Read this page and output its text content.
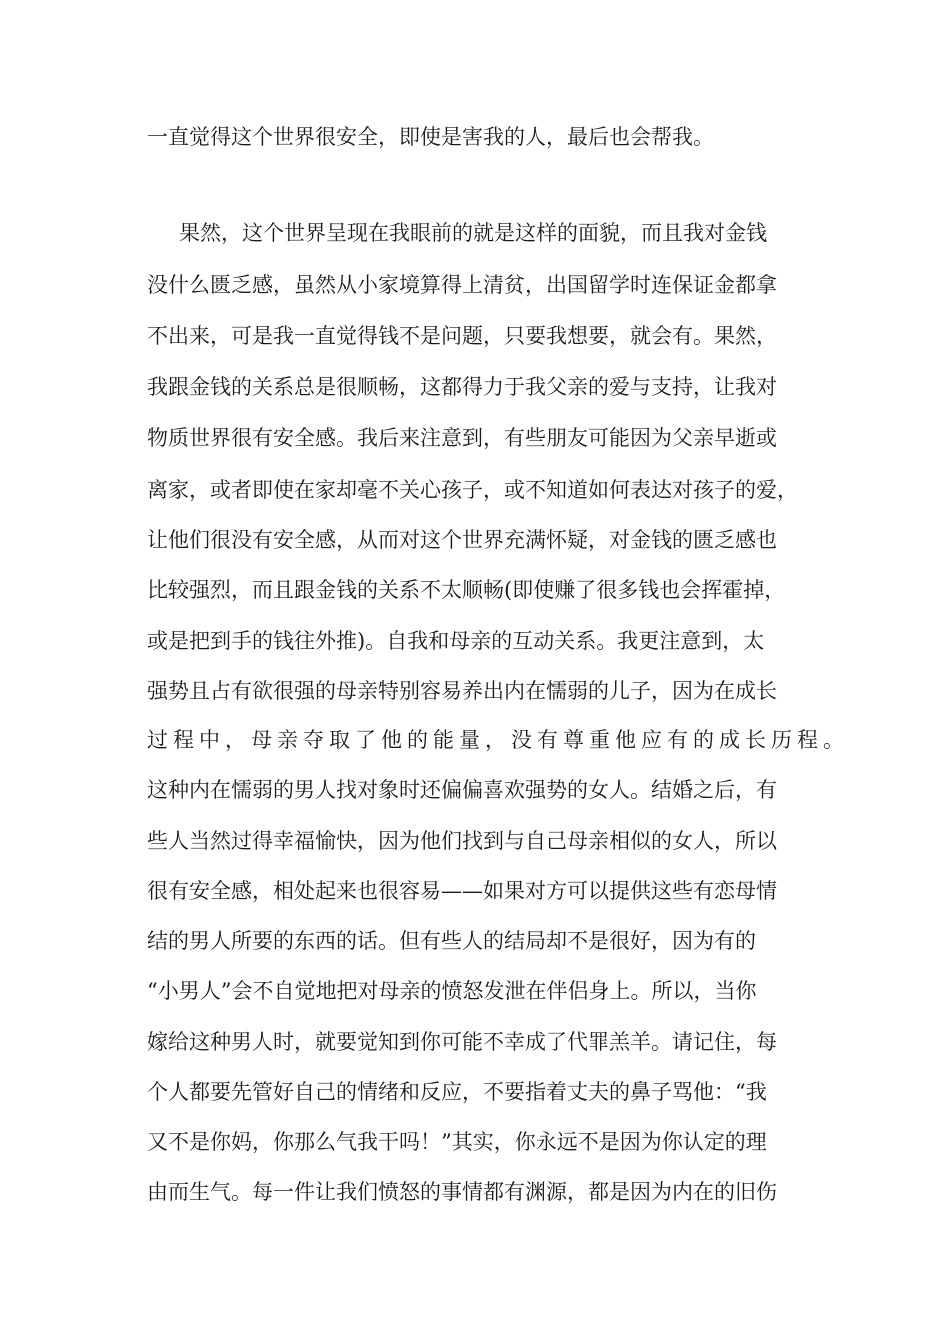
一直觉得这个世界很安全，即使是害我的人，最后也会帮我。

果然，这个世界呈现在我眼前的就是这样的面貌，而且我对金钱

没什么匮乏感，虽然从小家境算得上清贫，出国留学时连保证金都拿

不出来，可是我一直觉得钱不是问题，只要我想要，就会有。果然，

我跟金钱的关系总是很顺畅，这都得力于我父亲的爱与支持，让我对

物质世界很有安全感。我后来注意到，有些朋友可能因为父亲早逝或

离家，或者即使在家却毫不关心孩子，或不知道如何表达对孩子的爱，

让他们很没有安全感，从而对这个世界充满怀疑，对金钱的匮乏感也

比较强烈，而且跟金钱的关系不太顺畅(即使赚了很多钱也会挥霍掉，

或是把到手的钱往外推)。自我和母亲的互动关系。我更注意到，太

强势且占有欲很强的母亲特别容易养出内在懦弱的儿子，因为在成长

过程中，母亲夺取了他的能量，没有尊重他应有的成长历程。

这种内在懦弱的男人找对象时还偏偏喜欢强势的女人。结婚之后，有

些人当然过得幸福愉快，因为他们找到与自己母亲相似的女人，所以

很有安全感，相处起来也很容易——如果对方可以提供这些有恋母情

结的男人所要的东西的话。但有些人的结局却不是很好，因为有的

“小男人”会不自觉地把对母亲的愤怒发泄在伴侣身上。所以，当你

嫁给这种男人时，就要觉知到你可能不幸成了代罪羔羊。请记住，每

个人都要先管好自己的情绪和反应，不要指着丈夫的鼻子骂他：“我

又不是你妈，你那么气我干吗！”其实，你永远不是因为你认定的理

由而生气。每一件让我们愤怒的事情都有渊源，都是因为内在的旧伤
